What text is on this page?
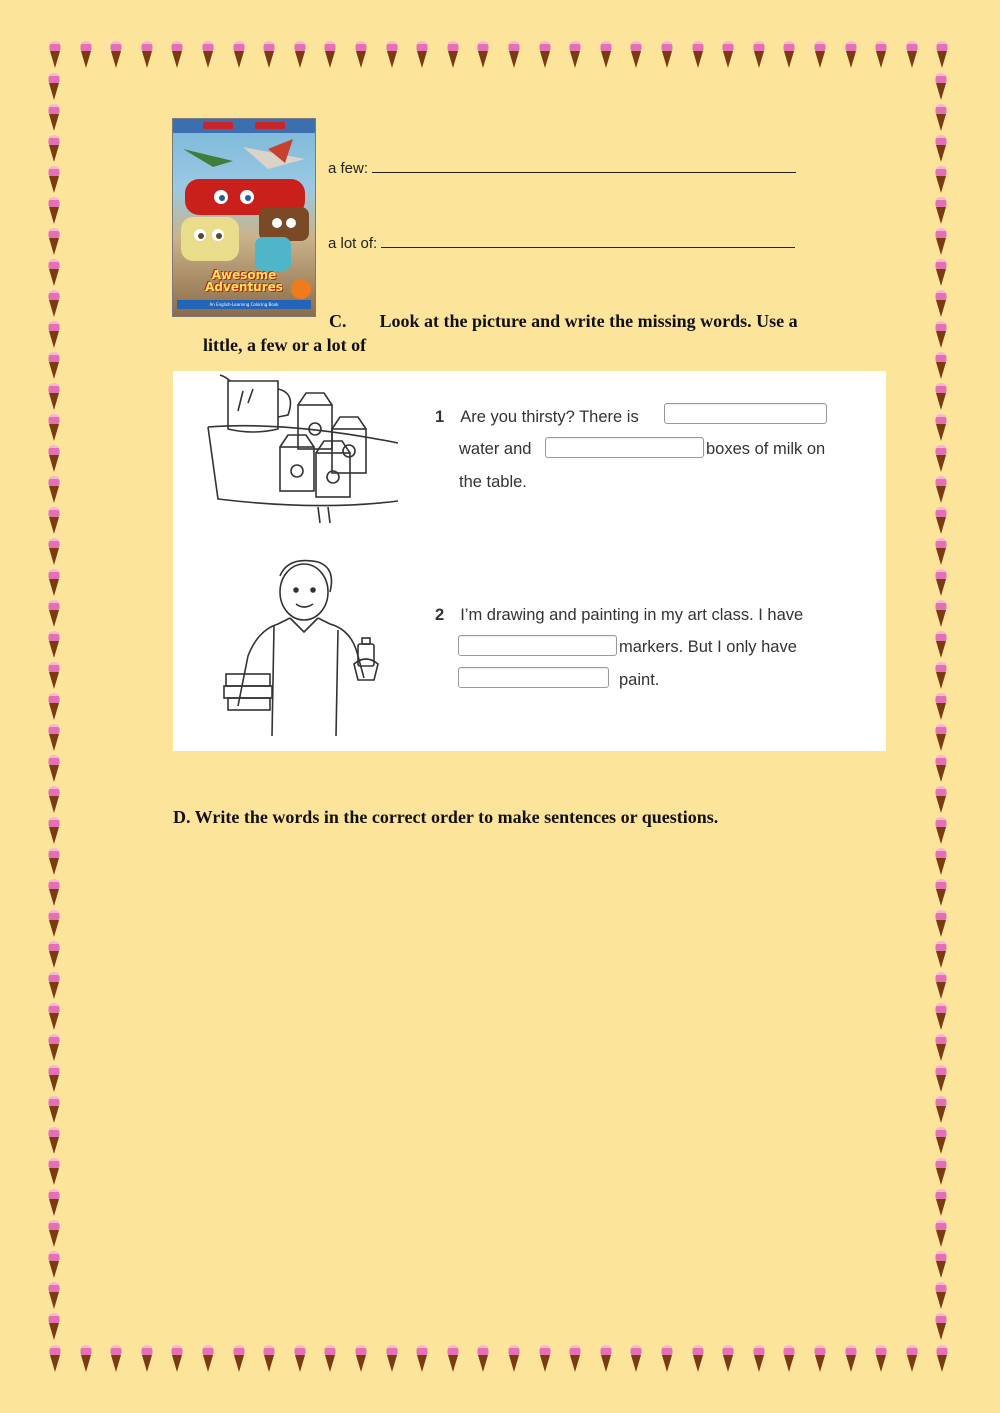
Awesome Adventures
An English-Learning Coloring Book
a few:
a lot of:
C. Look at the picture and write the missing words. Use a
little, a few or a lot of
1 Are you thirsty? There is
water and	boxes of milk on
the table.
2 I’m drawing and painting in my art class. I have
markers. But I only have
paint.
D. Write the words in the correct order to make sentences or questions.
